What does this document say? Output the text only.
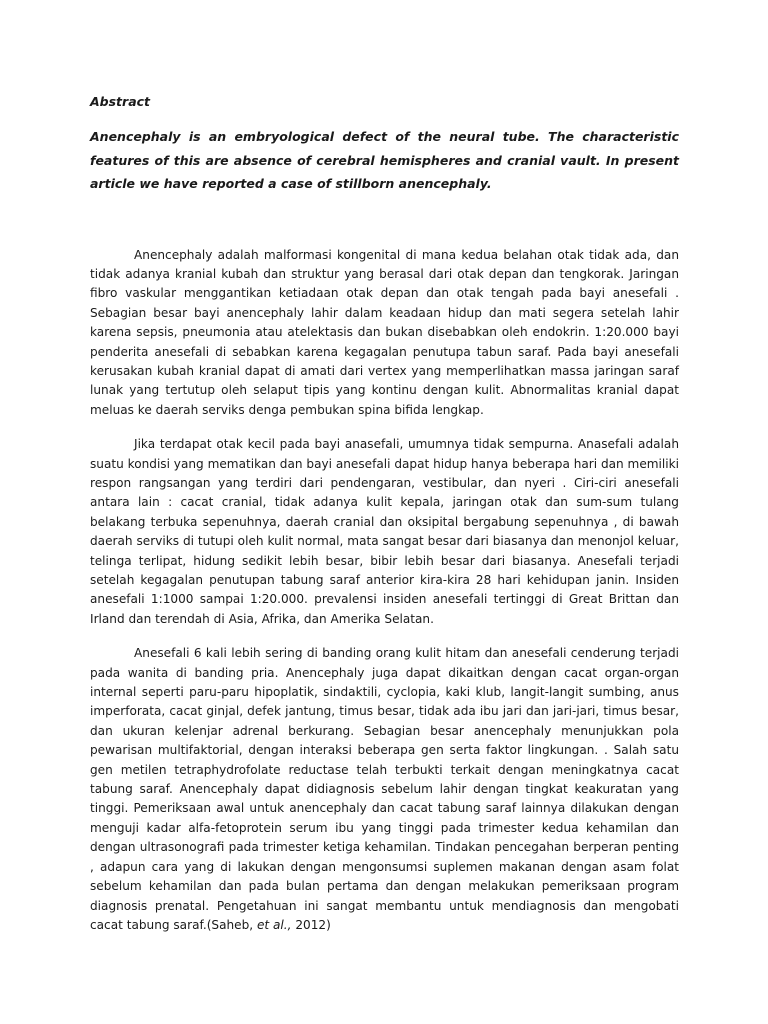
Abstract

Anencephaly is an embryological defect of the neural tube. The characteristic features of this are absence of cerebral hemispheres and cranial vault. In present article we have reported a case of stillborn anencephaly.

Anencephaly adalah malformasi kongenital di mana kedua belahan otak tidak ada, dan tidak adanya kranial kubah dan struktur yang berasal dari otak depan dan tengkorak. Jaringan fibro vaskular menggantikan ketiadaan otak depan dan otak tengah pada bayi anesefali . Sebagian besar bayi anencephaly lahir dalam keadaan hidup dan mati segera setelah lahir karena sepsis, pneumonia atau atelektasis dan bukan disebabkan oleh endokrin. 1:20.000 bayi penderita anesefali di sebabkan karena kegagalan penutupa tabun saraf. Pada bayi anesefali kerusakan kubah kranial dapat di amati dari vertex yang memperlihatkan massa jaringan saraf lunak yang tertutup oleh selaput tipis yang kontinu dengan kulit. Abnormalitas kranial dapat meluas ke daerah serviks denga pembukan spina bifida lengkap.

Jika terdapat otak kecil pada bayi anasefali, umumnya tidak sempurna. Anasefali adalah suatu kondisi yang mematikan dan bayi anesefali dapat hidup hanya beberapa hari dan memiliki respon rangsangan yang terdiri dari pendengaran, vestibular, dan nyeri . Ciri-ciri anesefali antara lain : cacat cranial, tidak adanya kulit kepala, jaringan otak dan sum-sum tulang belakang terbuka sepenuhnya, daerah cranial dan oksipital bergabung sepenuhnya , di bawah daerah serviks di tutupi oleh kulit normal, mata sangat besar dari biasanya dan menonjol keluar, telinga terlipat, hidung sedikit lebih besar, bibir lebih besar dari biasanya. Anesefali terjadi setelah kegagalan penutupan tabung saraf anterior kira-kira 28 hari kehidupan janin. Insiden anesefali 1:1000 sampai 1:20.000. prevalensi insiden anesefali tertinggi di Great Brittan dan Irland dan terendah di Asia, Afrika, dan Amerika Selatan.

Anesefali 6 kali lebih sering di banding orang kulit hitam dan anesefali cenderung terjadi pada wanita di banding pria. Anencephaly juga dapat dikaitkan dengan cacat organ-organ internal seperti paru-paru hipoplatik, sindaktili, cyclopia, kaki klub, langit-langit sumbing, anus imperforata, cacat ginjal, defek jantung, timus besar, tidak ada ibu jari dan jari-jari, timus besar, dan ukuran kelenjar adrenal berkurang. Sebagian besar anencephaly menunjukkan pola pewarisan multifaktorial, dengan interaksi beberapa gen serta faktor lingkungan. . Salah satu gen metilen tetraphydrofolate reductase telah terbukti terkait dengan meningkatnya cacat tabung saraf. Anencephaly dapat didiagnosis sebelum lahir dengan tingkat keakuratan yang tinggi. Pemeriksaan awal untuk anencephaly dan cacat tabung saraf lainnya dilakukan dengan menguji kadar alfa-fetoprotein serum ibu yang tinggi pada trimester kedua kehamilan dan dengan ultrasonografi pada trimester ketiga kehamilan. Tindakan pencegahan berperan penting , adapun cara yang di lakukan dengan mengonsumsi suplemen makanan dengan asam folat sebelum kehamilan dan pada bulan pertama dan dengan melakukan pemeriksaan program diagnosis prenatal. Pengetahuan ini sangat membantu untuk mendiagnosis dan mengobati cacat tabung saraf.(Saheb, et al., 2012)
